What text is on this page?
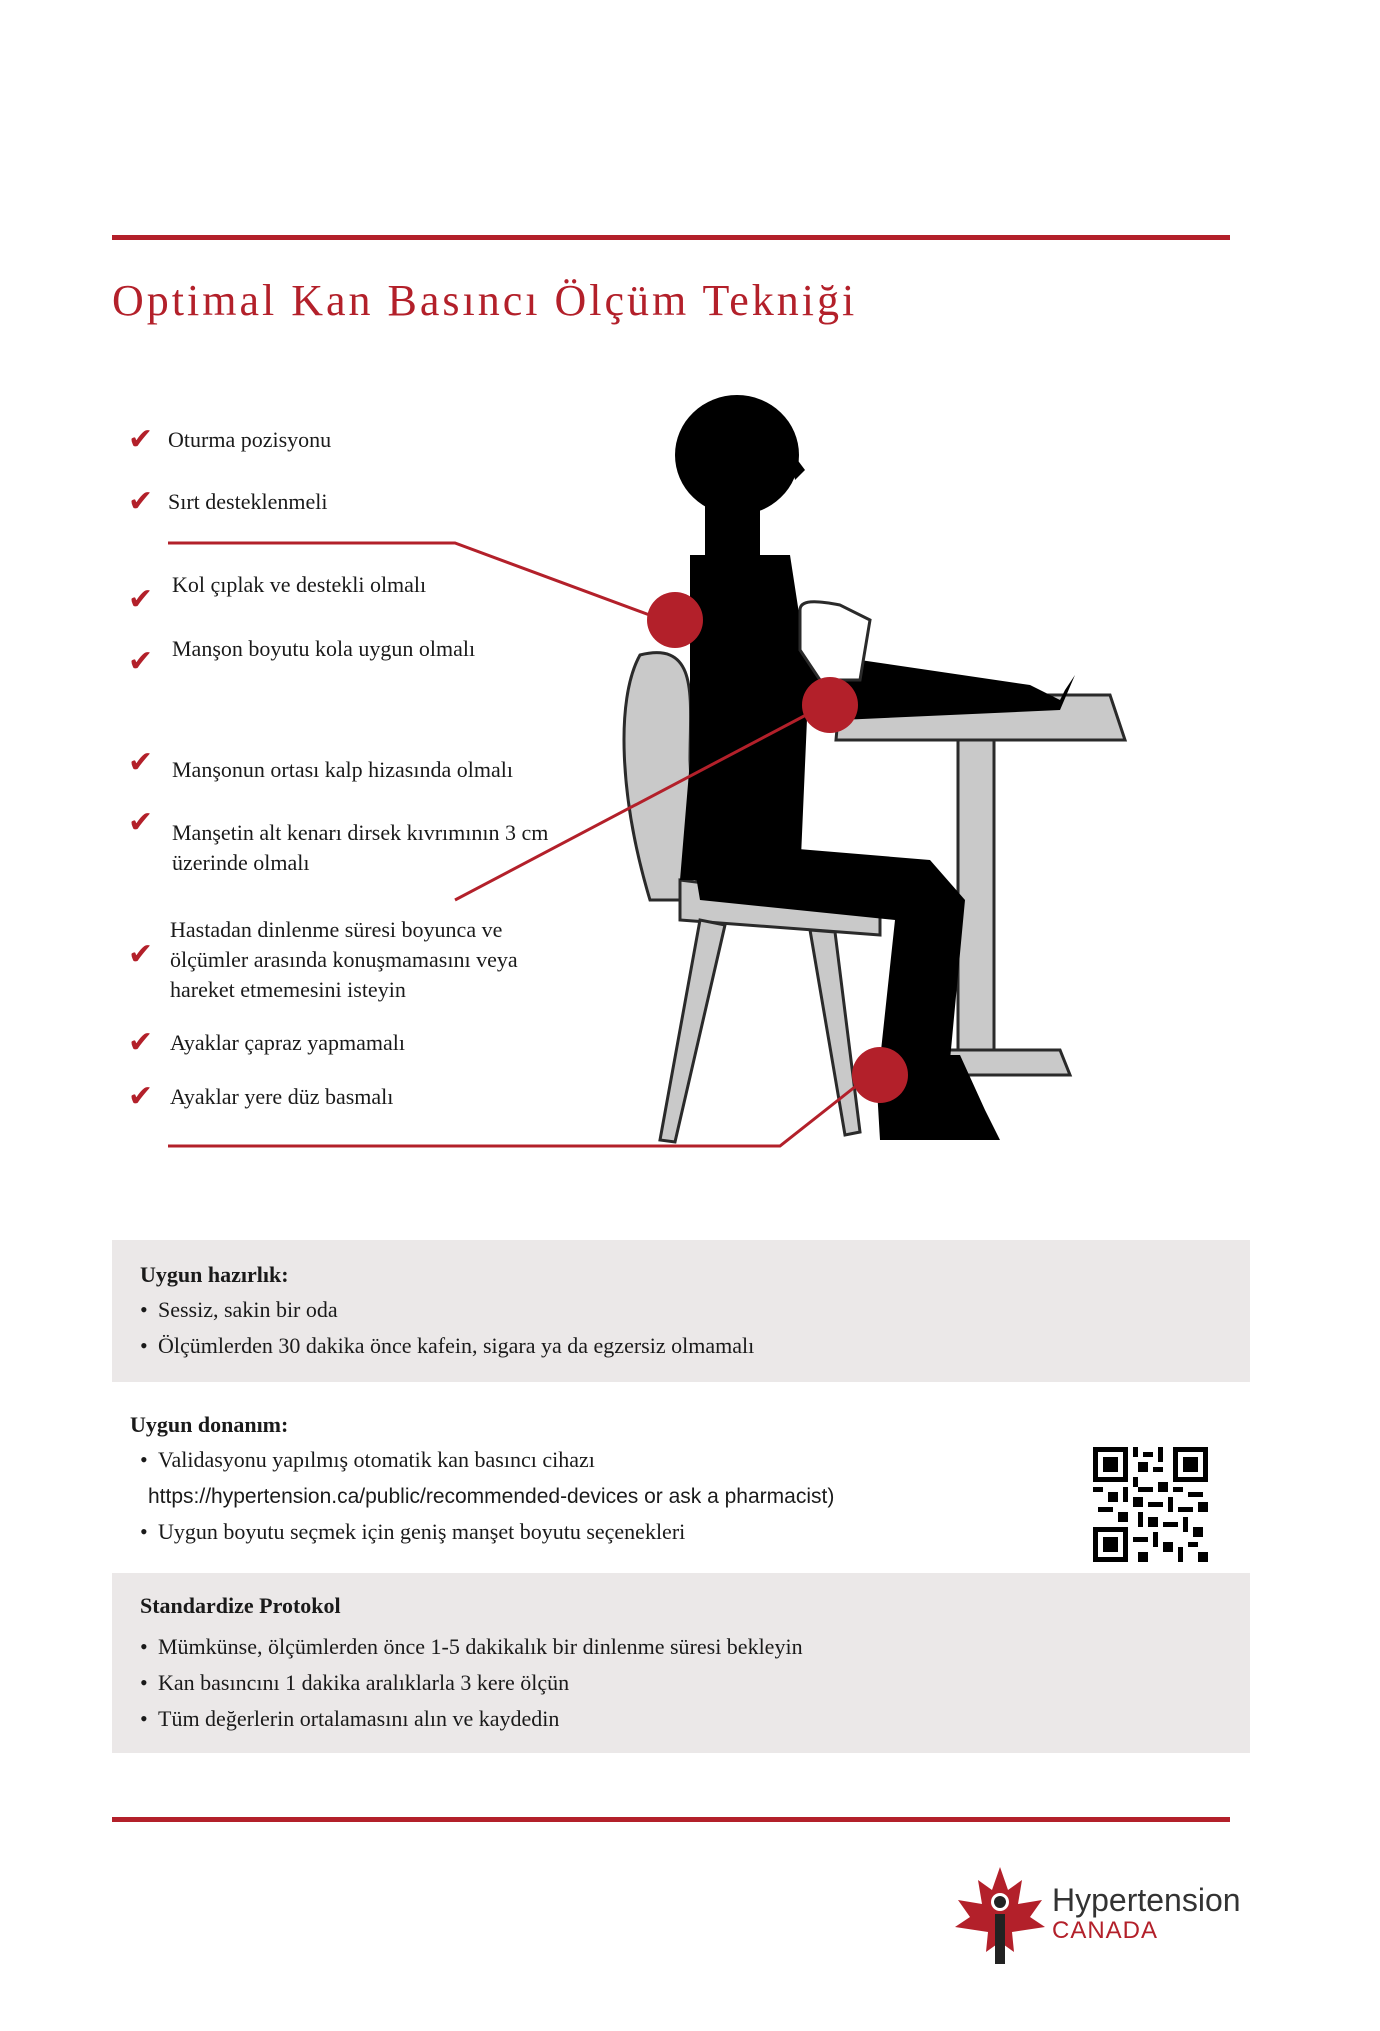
Optimal Kan Basıncı Ölçüm Tekniği
✔ Oturma pozisyonu
✔ Sırt desteklenmeli
✔ Kol çıplak ve destekli olmalı
✔ Manşon boyutu kola uygun olmalı
✔ Manşonun ortası kalp hizasında olmalı
✔ Manşetin alt kenarı dirsek kıvrımının 3 cm üzerinde olmalı
✔
Hastadan dinlenme süresi boyunca ve ölçümler arasında konuşmamasını veya hareket etmemesini isteyin
✔ Ayaklar çapraz yapmamalı
✔ Ayaklar yere düz basmalı
Uygun hazırlık:
• Sessiz, sakin bir oda
• Ölçümlerden 30 dakika önce kafein, sigara ya da egzersiz olmamalı
Uygun donanım:
• Validasyonu yapılmış otomatik kan basıncı cihazı
https://hypertension.ca/public/recommended-devices or ask a pharmacist)
• Uygun boyutu seçmek için geniş manşet boyutu seçenekleri
Standardize Protokol
• Mümkünse, ölçümlerden önce 1-5 dakikalık bir dinlenme süresi bekleyin
• Kan basıncını 1 dakika aralıklarla 3 kere ölçün
• Tüm değerlerin ortalamasını alın ve kaydedin
Hypertension
CANADA
